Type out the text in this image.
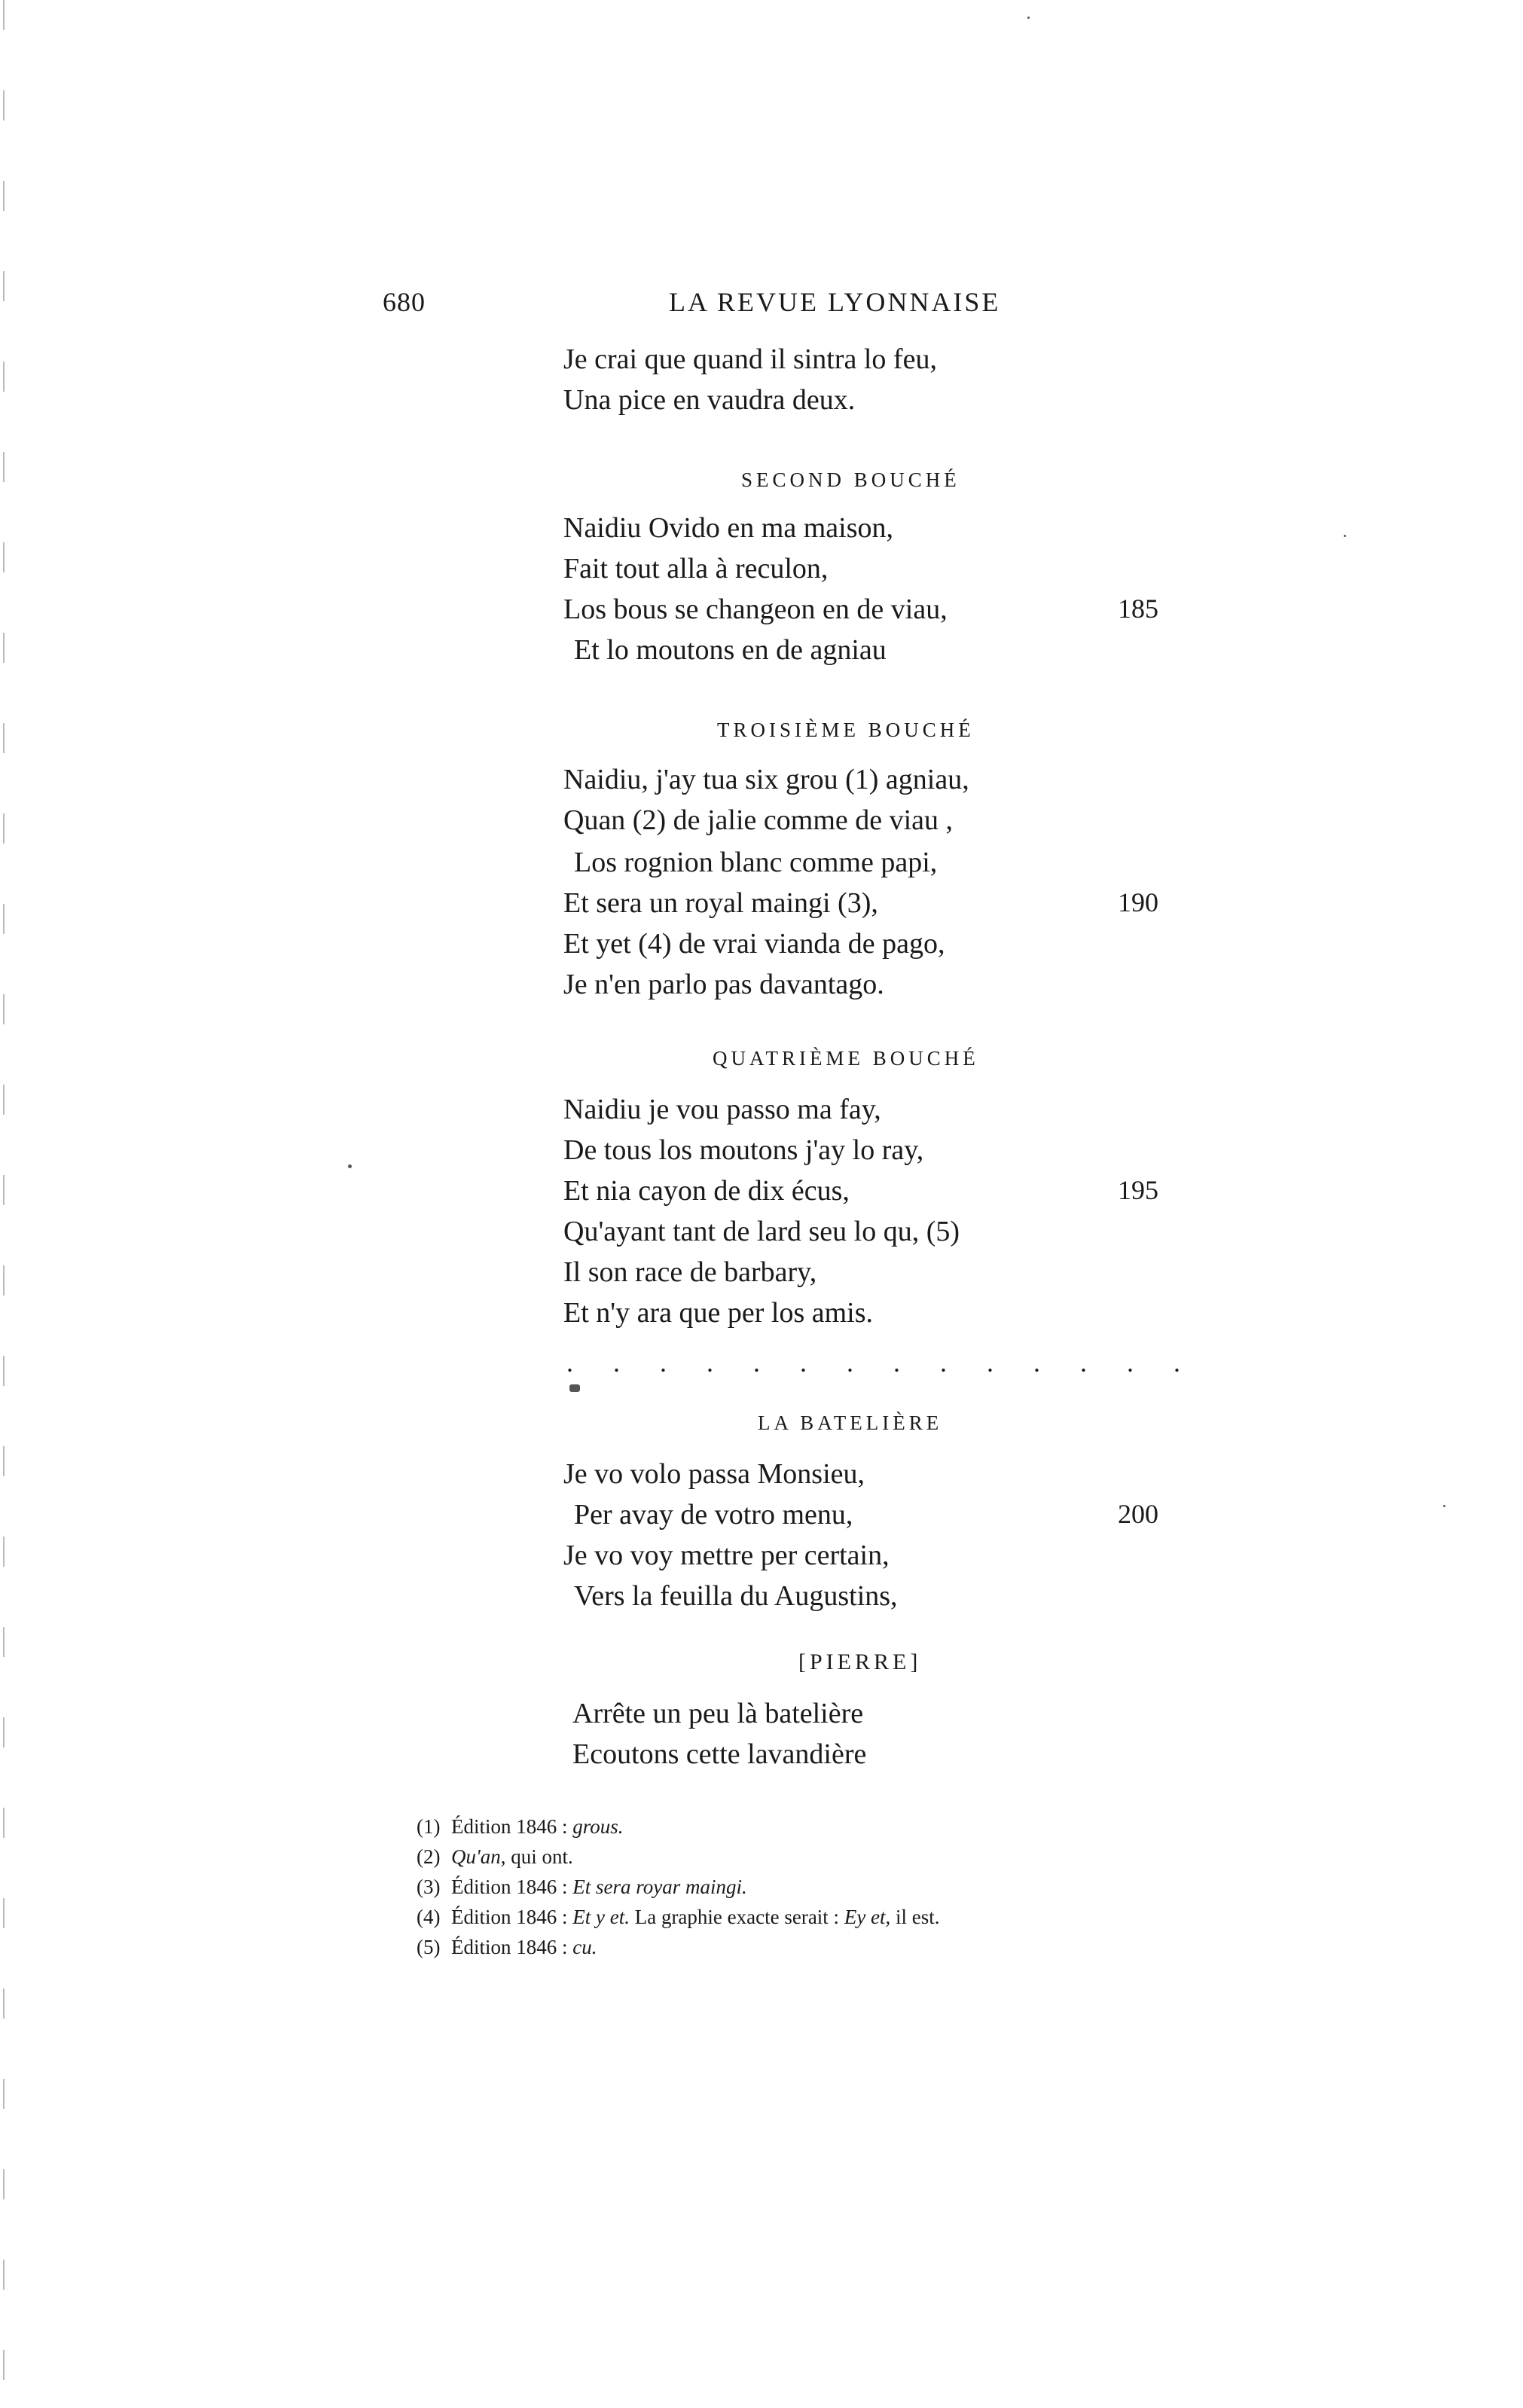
680	LA REVUE LYONNAISE
Je crai que quand il sintra lo feu,
Una pice en vaudra deux.
SECOND BOUCHÉ
Naidiu Ovido en ma maison,
Fait tout alla à reculon,
Los bous se changeon en de viau,	185
Et lo moutons en de agniau
TROISIÈME BOUCHÉ
Naidiu, j'ay tua six grou (1) agniau,
Quan (2) de jalie comme de viau ,
Los rognion blanc comme papi,
Et sera un royal maingi (3),	190
Et yet (4) de vrai vianda de pago,
Je n'en parlo pas davantago.
QUATRIÈME BOUCHÉ
Naidiu je vou passo ma fay,
De tous los moutons j'ay lo ray,
Et nia cayon de dix écus,	195
Qu'ayant tant de lard seu lo qu, (5)
Il son race de barbary,
Et n'y ara que per los amis.
. . . . . . . . . . . . . .
LA BATELIÈRE
Je vo volo passa Monsieu,
Per avay de votro menu,	200
Je vo voy mettre per certain,
Vers la feuilla du Augustins,
[PIERRE]
Arrête un peu là batelière
Ecoutons cette lavandière
(1) Édition 1846 : grous.
(2) Qu'an, qui ont.
(3) Édition 1846 : Et sera royar maingi.
(4) Édition 1846 : Et y et. La graphie exacte serait : Ey et, il est.
(5) Édition 1846 : cu.
